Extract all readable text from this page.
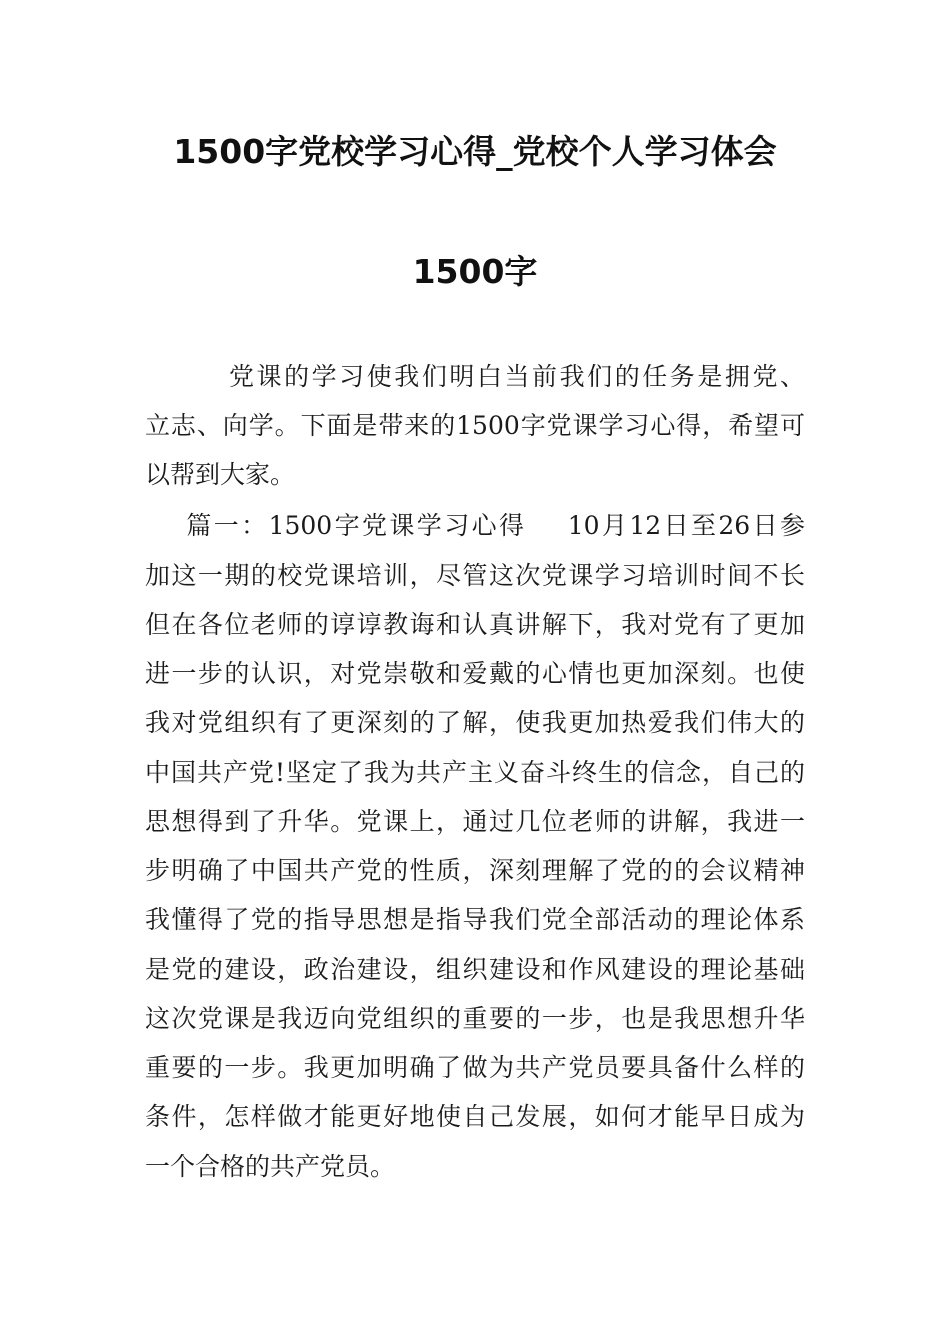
1500字党校学习心得_党校个人学习体会
1500字
党课的学习使我们明白当前我们的任务是拥党、
立志、向学。下面是带来的1500字党课学习心得，希望可
以帮到大家。
篇一：1500字党课学习心得    10月12日至26日参
加这一期的校党课培训，尽管这次党课学习培训时间不长
但在各位老师的谆谆教诲和认真讲解下，我对党有了更加
进一步的认识，对党崇敬和爱戴的心情也更加深刻。也使
我对党组织有了更深刻的了解，使我更加热爱我们伟大的
中国共产党!坚定了我为共产主义奋斗终生的信念，自己的
思想得到了升华。党课上，通过几位老师的讲解，我进一
步明确了中国共产党的性质，深刻理解了党的的会议精神
我懂得了党的指导思想是指导我们党全部活动的理论体系
是党的建设，政治建设，组织建设和作风建设的理论基础
这次党课是我迈向党组织的重要的一步，也是我思想升华
重要的一步。我更加明确了做为共产党员要具备什么样的
条件，怎样做才能更好地使自己发展，如何才能早日成为
一个合格的共产党员。
